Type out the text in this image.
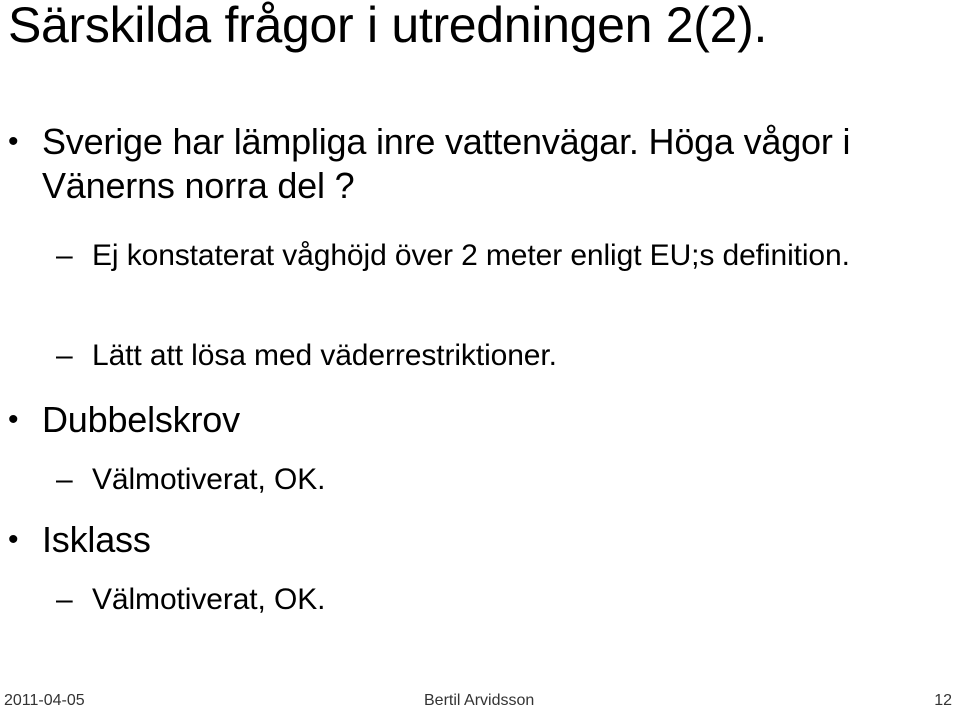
Särskilda frågor i utredningen 2(2).
• Sverige har lämpliga inre vattenvägar. Höga vågor i Vänerns norra del ?
– Ej konstaterat våghöjd över 2 meter enligt EU;s definition.
– Lätt att lösa med väderrestriktioner.
• Dubbelskrov
– Välmotiverat, OK.
• Isklass
– Välmotiverat, OK.
2011-04-05	Bertil Arvidsson	12
